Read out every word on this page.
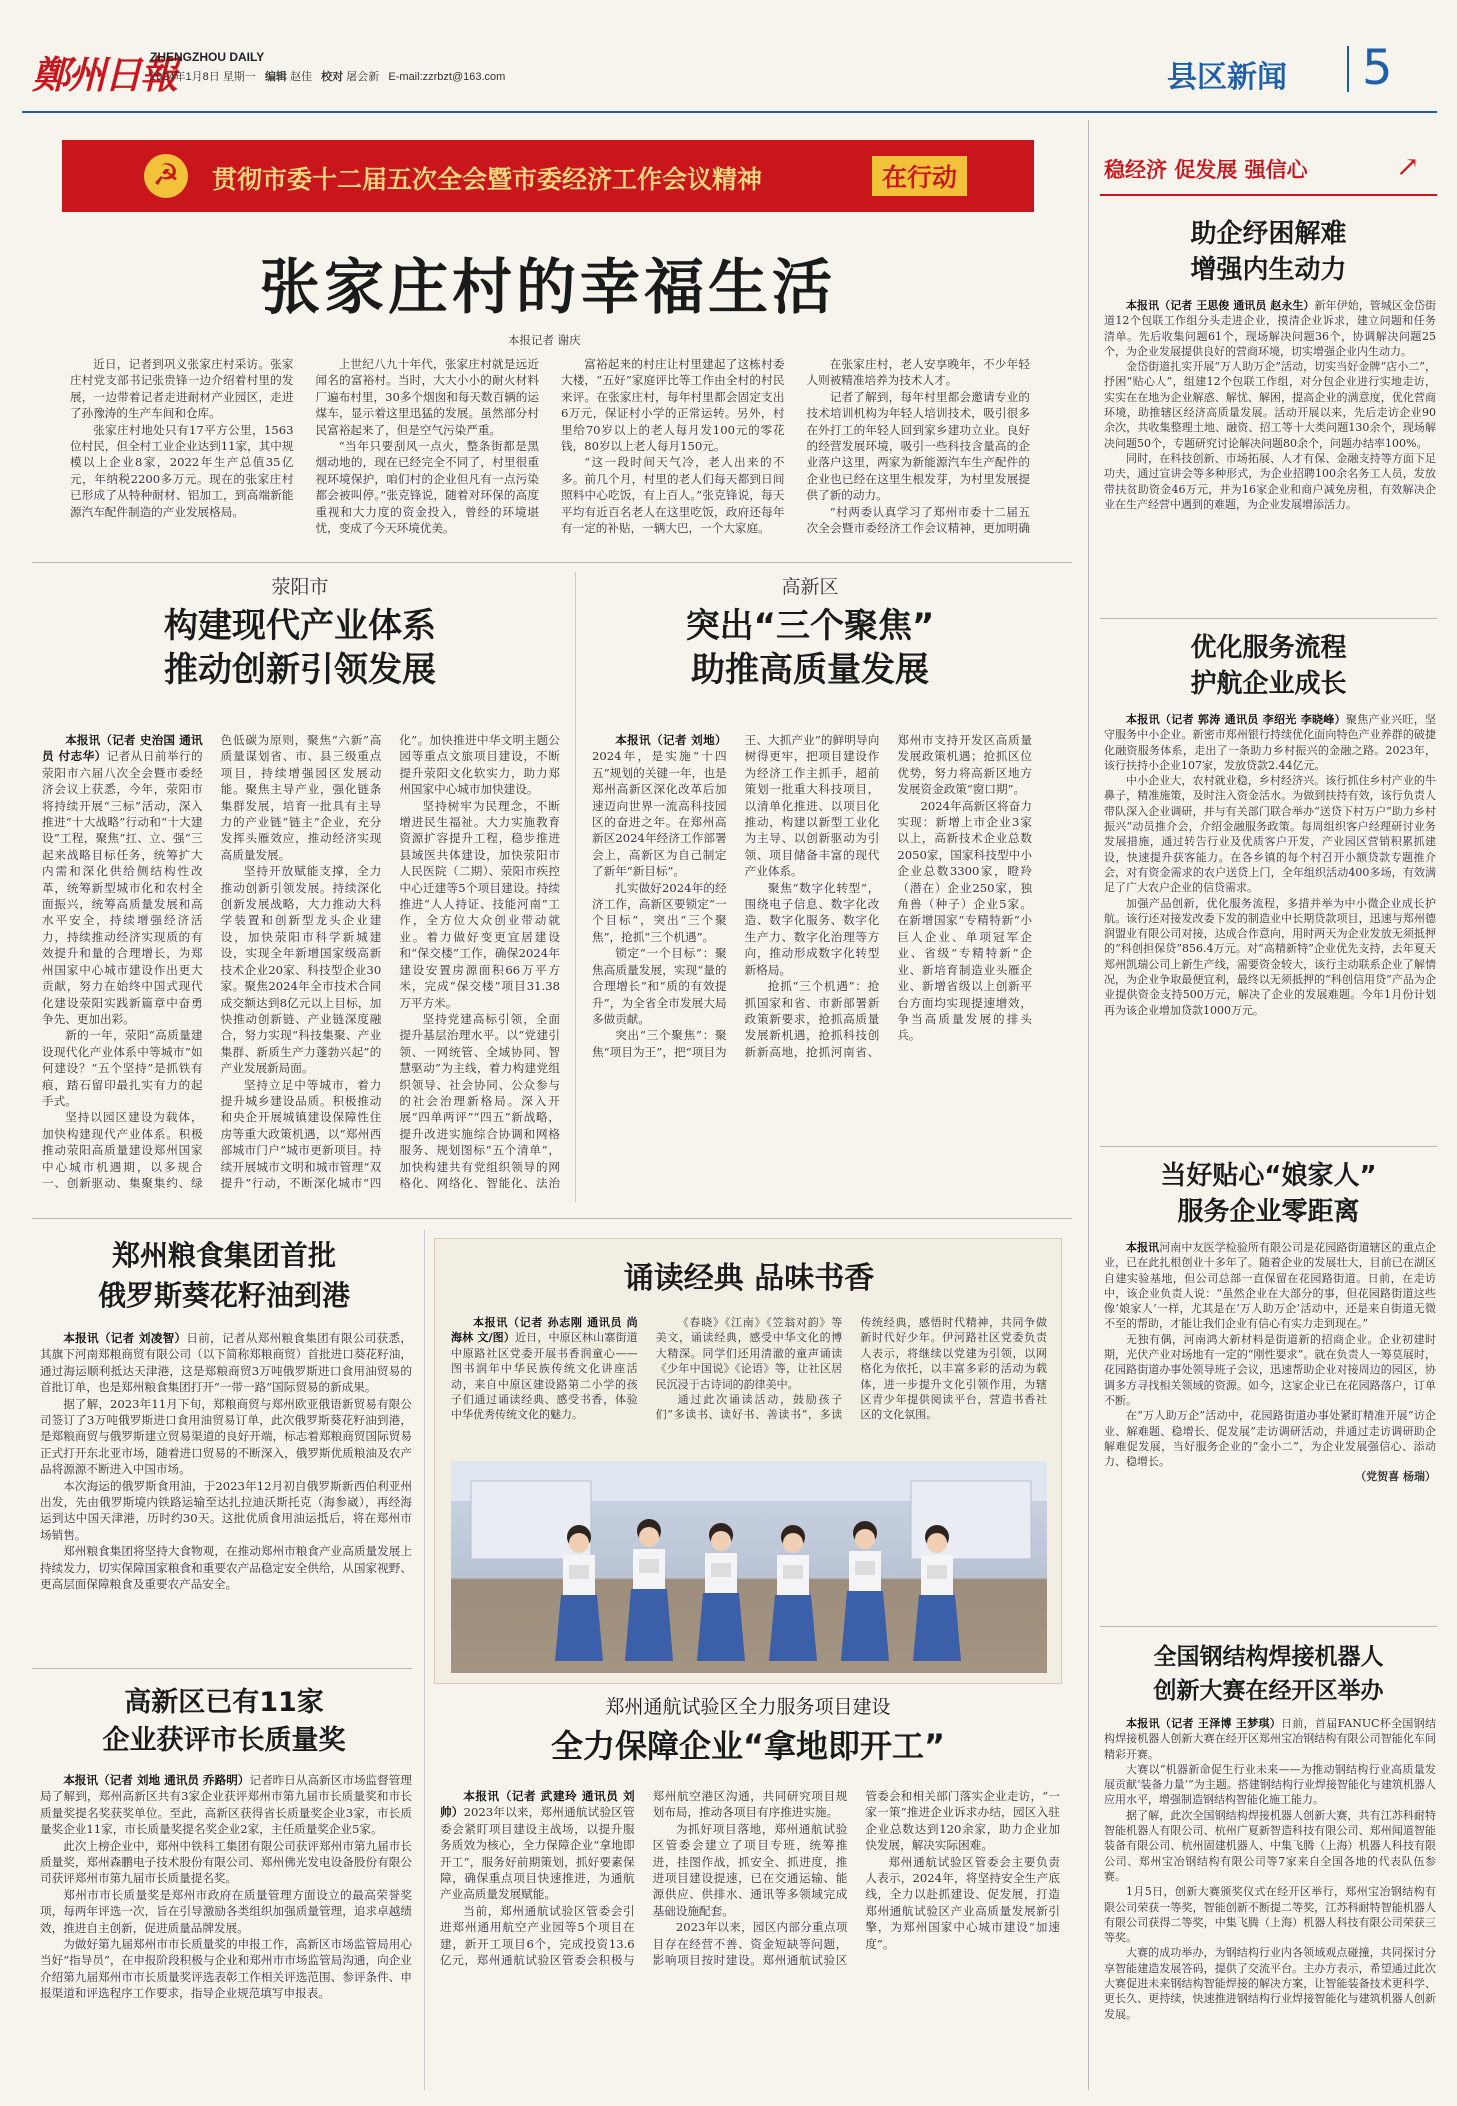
鄭州日報
ZHENGZHOU DAILY
2024年1月8日 星期一 编辑 赵佳 校对 屠会新 E-mail:zzrbzt@163.com	县区新闻 5
☭	贯彻市委十二届五次全会暨市委经济工作会议精神	在行动
张家庄村的幸福生活
本报记者 谢庆

近日，记者到巩义张家庄村采访。张家庄村党支部书记张贵锋一边介绍着村里的发展，一边带着记者走进耐材产业园区，走进了孙豫涛的生产车间和仓库。

张家庄村地处只有17平方公里，1563位村民，但全村工业企业达到11家，其中规模以上企业8家，2022年生产总值35亿元，年纳税2200多万元。现在的张家庄村已形成了从特种耐材、铝加工，到高端新能源汽车配件制造的产业发展格局。

上世纪八九十年代，张家庄村就是远近闻名的富裕村。当时，大大小小的耐火材料厂遍布村里，30多个烟囱和每天数百辆的运煤车，显示着这里迅猛的发展。虽然部分村民富裕起来了，但是空气污染严重。

“当年只要刮风一点火，整条街都是黑烟动地的，现在已经完全不同了，村里很重视环境保护，咱们村的企业但凡有一点污染都会被叫停。”张克锋说，随着对环保的高度重视和大力度的资金投入，曾经的环境堪忧，变成了今天环境优美。

富裕起来的村庄让村里建起了这栋村委大楼，“五好”家庭评比等工作由全村的村民来评。在张家庄村，每年村里都会固定支出6万元，保证村小学的正常运转。另外，村里给70岁以上的老人每月发100元的零花钱，80岁以上老人每月150元。

“这一段时间天气冷，老人出来的不多。前几个月，村里的老人们每天都到日间照料中心吃饭，有上百人。”张克锋说，每天平均有近百名老人在这里吃饭，政府还每年有一定的补贴，一辆大巴，一个大家庭。

在张家庄村，老人安享晚年，不少年轻人则被精准培养为技术人才。

记者了解到，每年村里都会邀请专业的技术培训机构为年轻人培训技术，吸引很多在外打工的年轻人回到家乡建功立业。良好的经营发展环境，吸引一些科技含量高的企业落户这里，两家为新能源汽车生产配件的企业也已经在这里生根发芽，为村里发展提供了新的动力。

“村两委认真学习了郑州市委十二届五次全会暨市委经济工作会议精神，更加明确

荥阳市
构建现代产业体系
推动创新引领发展

本报讯（记者 史治国 通讯员 付志华）记者从日前举行的荥阳市六届八次全会暨市委经济会议上获悉，今年，荥阳市将持续开展“三标”活动，深入推进“十大战略”行动和“十大建设”工程，聚焦“扛、立、强”三起来战略目标任务，统筹扩大内需和深化供给侧结构性改革，统筹新型城市化和农村全面振兴，统筹高质量发展和高水平安全，持续增强经济活力，持续推动经济实现质的有效提升和量的合理增长，为郑州国家中心城市建设作出更大贡献，努力在始终中国式现代化建设荥阳实践新篇章中奋勇争先、更加出彩。

新的一年，荥阳“高质量建设现代化产业体系中等城市”如何建设？“五个坚持”是抓铁有痕，踏石留印最扎实有力的起手式。

坚持以园区建设为载体，加快构建现代产业体系。积极推动荥阳高质量建设郑州国家中心城市机遇期，以多规合一、创新驱动、集聚集约、绿色低碳为原则，聚焦“六新”高质量谋划省、市、县三级重点项目，持续增强园区发展动能。聚焦主导产业，强化链条集群发展，培育一批具有主导力的产业链“链主”企业，充分发挥头雁效应，推动经济实现高质量发展。

坚持开放赋能支撑，全力推动创新引领发展。持续深化创新发展战略，大力推动大科学装置和创新型龙头企业建设，加快荥阳市科学新城建设，实现全年新增国家级高新技术企业20家、科技型企业30家。聚焦2024年全市技术合同成交额达到8亿元以上目标，加快推动创新链、产业链深度融合，努力实现“科技集聚、产业集群、新质生产力蓬勃兴起”的产业发展新局面。

坚持立足中等城市，着力提升城乡建设品质。积极推动和央企开展城镇建设保障性住房等重大政策机遇，以“郑州西部城市门户”城市更新项目。持续开展城市文明和城市管理“双提升”行动，不断深化城市“四化”。加快推进中华文明主题公园等重点文旅项目建设，不断提升荥阳文化软实力，助力郑州国家中心城市加快建设。

坚持树牢为民理念，不断增进民生福祉。大力实施教育资源扩容提升工程，稳步推进县域医共体建设，加快荥阳市人民医院（二期）、荥阳市疾控中心迁建等5个项目建设。持续推进“人人持证、技能河南”工作，全方位大众创业带动就业。着力做好变更宜居建设和“保交楼”工作，确保2024年建设安置房源面积66万平方米，完成“保交楼”项目31.38万平方米。

坚持党建高标引领，全面提升基层治理水平。以“党建引领、一网统管、全域协同、智慧驱动”为主线，着力构建党组织领导、社会协同、公众参与的社会治理新格局。深入开展“四单两评”“四五”新战略，提升改进实施综合协调和网格服务、规划图标“五个清单”，加快构建共有党组织领导的网格化、网络化、智能化、法治

高新区
突出“三个聚焦”
助推高质量发展

本报讯（记者 刘地）2024年，是实施“十四五”规划的关键一年，也是郑州高新区深化改革后加速迈向世界一流高科技园区的奋进之年。在郑州高新区2024年经济工作部署会上，高新区为自己制定了新年“新目标”。

扎实做好2024年的经济工作，高新区要锁定“一个目标”，突出“三个聚焦”，抢抓“三个机遇”。

锁定“一个目标”：聚焦高质量发展，实现“量的合理增长”和“质的有效提升”，为全省全市发展大局多做贡献。

突出“三个聚焦”：聚焦“项目为王”，把“项目为王、大抓产业”的鲜明导向树得更牢，把项目建设作为经济工作主抓手，超前策划一批重大科技项目，以清单化推进、以项目化推动，构建以新型工业化为主导、以创新驱动为引领、项目储备丰富的现代产业体系。

聚焦“数字化转型”，围绕电子信息、数字化改造、数字化服务、数字化生产力、数字化治理等方向，推动形成数字化转型新格局。

抢抓“三个机遇”：抢抓国家和省、市新部署新政策新要求，抢抓高质量发展新机遇，抢抓科技创新新高地，抢抓河南省、郑州市支持开发区高质量发展政策机遇；抢抓区位优势，努力将高新区地方发展资金政策“窗口期”。

2024年高新区将奋力实现：新增上市企业3家以上，高新技术企业总数2050家，国家科技型中小企业总数3300家，瞪羚（潜在）企业250家，独角兽（种子）企业5家。在新增国家“专精特新”小巨人企业、单项冠军企业、省级“专精特新”企业、新培育制造业头雁企业、新增省级以上创新平台方面均实现提速增效，争当高质量发展的排头兵。

郑州粮食集团首批
俄罗斯葵花籽油到港

本报讯（记者 刘凌智）日前，记者从郑州粮食集团有限公司获悉，其旗下河南郑粮商贸有限公司（以下简称郑粮商贸）首批进口葵花籽油，通过海运顺利抵达天津港，这是郑粮商贸3万吨俄罗斯进口食用油贸易的首批订单，也是郑州粮食集团打开“一带一路”国际贸易的新成果。

据了解，2023年11月下旬，郑粮商贸与郑州欧亚俄语新贸易有限公司签订了3万吨俄罗斯进口食用油贸易订单，此次俄罗斯葵花籽油到港，是郑粮商贸与俄罗斯建立贸易渠道的良好开端，标志着郑粮商贸国际贸易正式打开东北亚市场，随着进口贸易的不断深入，俄罗斯优质粮油及农产品将源源不断进入中国市场。

本次海运的俄罗斯食用油，于2023年12月初自俄罗斯新西伯利亚州出发，先由俄罗斯境内铁路运输至达扎拉迪沃斯托克（海参崴），再经海运到达中国天津港，历时约30天。这批优质食用油运抵后，将在郑州市场销售。

郑州粮食集团将坚持大食物观，在推动郑州市粮食产业高质量发展上持续发力，切实保障国家粮食和重要农产品稳定安全供给，从国家视野、更高层面保障粮食及重要农产品安全。

高新区已有11家
企业获评市长质量奖

本报讯（记者 刘地 通讯员 乔路明）记者昨日从高新区市场监督管理局了解到，郑州高新区共有3家企业获评郑州市第九届市长质量奖和市长质量奖提名奖获奖单位。至此，高新区获得省长质量奖企业3家，市长质量奖企业11家，市长质量奖提名奖企业2家，主任质量奖企业5家。

此次上榜企业中，郑州中铁科工集团有限公司获评郑州市第九届市长质量奖，郑州森鹏电子技术股份有限公司、郑州佛光发电设备股份有限公司获评郑州市第九届市长质量提名奖。

郑州市市长质量奖是郑州市政府在质量管理方面设立的最高荣誉奖项，每两年评选一次，旨在引导激励各类组织加强质量管理，追求卓越绩效，推进自主创新，促进质量品牌发展。

为做好第九届郑州市市长质量奖的申报工作，高新区市场监管局用心当好“指导员”，在申报阶段积极与企业和郑州市市场监管局沟通，向企业介绍第九届郑州市市长质量奖评选表彰工作相关评选范围、参评条件、申报渠道和评选程序工作要求，指导企业规范填写申报表。

诵读经典 品味书香

本报讯（记者 孙志刚 通讯员 尚海林 文/图）近日，中原区林山寨街道中原路社区党委开展书香润童心——图书润年中华民族传统文化讲座活动，来自中原区建设路第二小学的孩子们通过诵读经典、感受书香，体验中华优秀传统文化的魅力。

《春晓》《江南》《笠翁对韵》等美文，诵读经典，感受中华文化的博大精深。同学们还用清澈的童声诵读《少年中国说》《论语》等，让社区居民沉浸于古诗词的韵律美中。

通过此次诵读活动，鼓励孩子们“多读书、读好书、善读书”，多读传统经典，感悟时代精神，共同争做新时代好少年。伊河路社区党委负责人表示，将继续以党建为引领，以网格化为依托，以丰富多彩的活动为载体，进一步提升文化引领作用，为辖区青少年提供阅读平台，营造书香社区的文化氛围。

郑州通航试验区全力服务项目建设
全力保障企业“拿地即开工”

本报讯（记者 武建玲 通讯员 刘帅）2023年以来，郑州通航试验区管委会紧盯项目建设主战场，以提升服务质效为核心，全力保障企业“拿地即开工”，服务好前期策划，抓好要素保障，确保重点项目快速推进，为通航产业高质量发展赋能。

当前，郑州通航试验区管委会引进郑州通用航空产业园等5个项目在建，新开工项目6个，完成投资13.6亿元，郑州通航试验区管委会积极与郑州航空港区沟通，共同研究项目规划布局，推动各项目有序推进实施。

为抓好项目落地，郑州通航试验区管委会建立了项目专班，统筹推进，挂图作战，抓安全、抓进度，推进项目建设提速，已在交通运输、能源供应、供排水、通讯等多领域完成基础设施配套。

2023年以来，园区内部分重点项目存在经营不善、资金短缺等问题，影响项目按时建设。郑州通航试验区管委会和相关部门落实企业走访，“一家一策”推进企业诉求办结，园区入驻企业总数达到120余家，助力企业加快发展，解决实际困难。

郑州通航试验区管委会主要负责人表示，2024年，将坚持安全生产底线，全力以赴抓建设、促发展，打造郑州通航试验区产业高质量发展新引擎，为郑州国家中心城市建设“加速度”。

稳经济 促发展 强信心	↗
助企纾困解难
增强内生动力

本报讯（记者 王思俊 通讯员 赵永生）新年伊始，管城区金岱街道12个包联工作组分头走进企业，摸清企业诉求，建立问题和任务清单。先后收集问题61个，现场解决问题36个，协调解决问题25个，为企业发展提供良好的营商环境，切实增强企业内生动力。

金岱街道扎实开展“万人助万企”活动，切实当好金牌“店小二”，抒困“贴心人”，组建12个包联工作组，对分包企业进行实地走访，实实在在地为企业解惑、解忧、解困，提高企业的满意度，优化营商环境，助推辖区经济高质量发展。活动开展以来，先后走访企业90余次，共收集整理土地、融资、招工等十大类问题130余个，现场解决问题50个，专题研究讨论解决问题80余个，问题办结率100%。

同时，在科技创新、市场拓展、人才有保、金融支持等方面下足功夫，通过宣讲会等多种形式，为企业招聘100余名务工人员，发放带扶贫助资金46万元，并为16家企业和商户减免房租，有效解决企业在生产经营中遇到的难题，为企业发展增添活力。

优化服务流程
护航企业成长

本报讯（记者 郭涛 通讯员 李绍光 李晓峰）聚焦产业兴旺，坚守服务中小企业。新密市郑州银行持续优化面向特色产业养群的破捷化融资服务体系，走出了一条助力乡村振兴的金融之路。2023年，该行扶持小企业107家，发放贷款2.44亿元。

中小企业大，农村就业稳，乡村经济兴。该行抓住乡村产业的牛鼻子，精准施策，及时注入资金活水。为做到扶持有效，该行负责人带队深入企业调研，并与有关部门联合举办“送贷下村万户”助力乡村振兴“动员推介会，介绍金融服务政策。每周组织客户经理研讨业务发展措施，通过转告行业及优质客户开发，产业园区营销积累抓建设，快速提升获客能力。在各乡镇的每个村召开小额贷款专题推介会，对有资金需求的农户送贷上门，全年组织活动400多场，有效满足了广大农户企业的信贷需求。

加强产品创新，优化服务流程，多措并举为中小微企业成长护航。该行还对接发改委下发的制造业中长期贷款项目，迅速与郑州德润盟业有限公司对接，达成合作意向，用时两天为企业发放无须抵押的“科创担保贷”856.4万元。对“高精新特”企业优先支持，去年夏天郑州凯瑞公司上新生产线，需要资金较大，该行主动联系企业了解情况，为企业争取最便宜利，最终以无须抵押的“科创信用贷”产品为企业提供资金支持500万元，解决了企业的发展难题。今年1月份计划再为该企业增加贷款1000万元。

当好贴心“娘家人”
服务企业零距离

本报讯河南中友医学检验所有限公司是花园路街道辖区的重点企业，已在此扎根创业十多年了。随着企业的发展壮大，目前已在湖区自建实验基地，但公司总部一直保留在花园路街道。日前，在走访中，该企业负责人说：“虽然企业在大部分的事，但花园路街道这些像‘娘家人’一样，尤其是在‘万人助万企’活动中，还是来自街道无微不至的帮助，才能让我们企业有信心有实力走到现在。”

无独有偶，河南鸿大新材料是街道新的招商企业。企业初建时期，光伏产业对场地有一定的“刚性要求”。就在负责人一筹莫展时，花园路街道办事处领导班子会议，迅速帮助企业对接周边的园区，协调多方寻找相关领域的资源。如今，这家企业已在花园路落户，订单不断。

在“万人助万企”活动中，花园路街道办事处紧盯精准开展“访企业、解难题、稳增长、促发展”走访调研活动，并通过走访调研助企解难促发展，当好服务企业的“金小二”，为企业发展强信心、添动力、稳增长。

（党贺喜 杨瑞）

全国钢结构焊接机器人
创新大赛在经开区举办

本报讯（记者 王泽博 王梦琪）日前，首届FANUC杯全国钢结构焊接机器人创新大赛在经开区郑州宝冶钢结构有限公司智能化车间精彩开赛。

大赛以“机器新命促生行业未来——为推动钢结构行业高质量发展贡献‘装备力量’”为主题。搭建钢结构行业焊接智能化与建筑机器人应用水平，增强制造钢结构智能化施工能力。

据了解，此次全国钢结构焊接机器人创新大赛，共有江苏科耐特智能机器人有限公司、杭州广夏新智造科技有限公司、郑州闻道智能装备有限公司、杭州固建机器人、中集飞腾（上海）机器人科技有限公司、郑州宝冶钢结构有限公司等7家来自全国各地的代表队伍参赛。

1月5日，创新大赛颁奖仪式在经开区举行，郑州宝冶钢结构有限公司荣获一等奖，智能创新不断提二等奖，江苏科耐特智能机器人有限公司获得二等奖，中集飞腾（上海）机器人科技有限公司荣获三等奖。

大赛的成功举办，为钢结构行业内各领域观点碰撞，共同探讨分享智能建造发展答码，提供了交流平台。主办方表示，希望通过此次大赛促进未来钢结构智能焊接的解决方案，让智能装备技术更科学、更长久、更持续，快速推进钢结构行业焊接智能化与建筑机器人创新发展。
